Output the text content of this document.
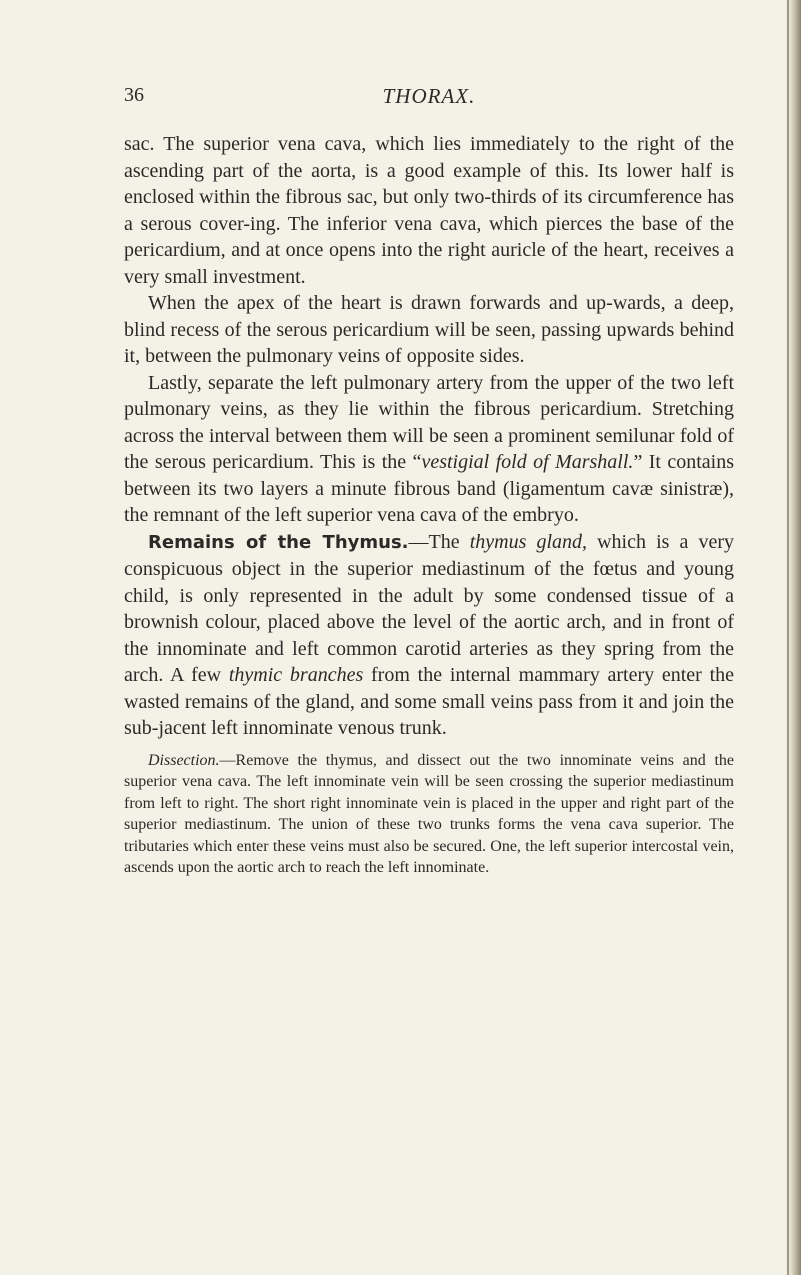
36	THORAX.

sac. The superior vena cava, which lies immediately to the right of the ascending part of the aorta, is a good example of this. Its lower half is enclosed within the fibrous sac, but only two-thirds of its circumference has a serous cover-ing. The inferior vena cava, which pierces the base of the pericardium, and at once opens into the right auricle of the heart, receives a very small investment.

When the apex of the heart is drawn forwards and up-wards, a deep, blind recess of the serous pericardium will be seen, passing upwards behind it, between the pulmonary veins of opposite sides.

Lastly, separate the left pulmonary artery from the upper of the two left pulmonary veins, as they lie within the fibrous pericardium. Stretching across the interval between them will be seen a prominent semilunar fold of the serous pericardium. This is the “vestigial fold of Marshall.” It contains between its two layers a minute fibrous band (ligamentum cavæ sinistræ), the remnant of the left superior vena cava of the embryo.

Remains of the Thymus.—The thymus gland, which is a very conspicuous object in the superior mediastinum of the fœtus and young child, is only represented in the adult by some condensed tissue of a brownish colour, placed above the level of the aortic arch, and in front of the innominate and left common carotid arteries as they spring from the arch. A few thymic branches from the internal mammary artery enter the wasted remains of the gland, and some small veins pass from it and join the sub-jacent left innominate venous trunk.

Dissection.—Remove the thymus, and dissect out the two innominate veins and the superior vena cava. The left innominate vein will be seen crossing the superior mediastinum from left to right. The short right innominate vein is placed in the upper and right part of the superior mediastinum. The union of these two trunks forms the vena cava superior. The tributaries which enter these veins must also be secured. One, the left superior intercostal vein, ascends upon the aortic arch to reach the left innominate.
